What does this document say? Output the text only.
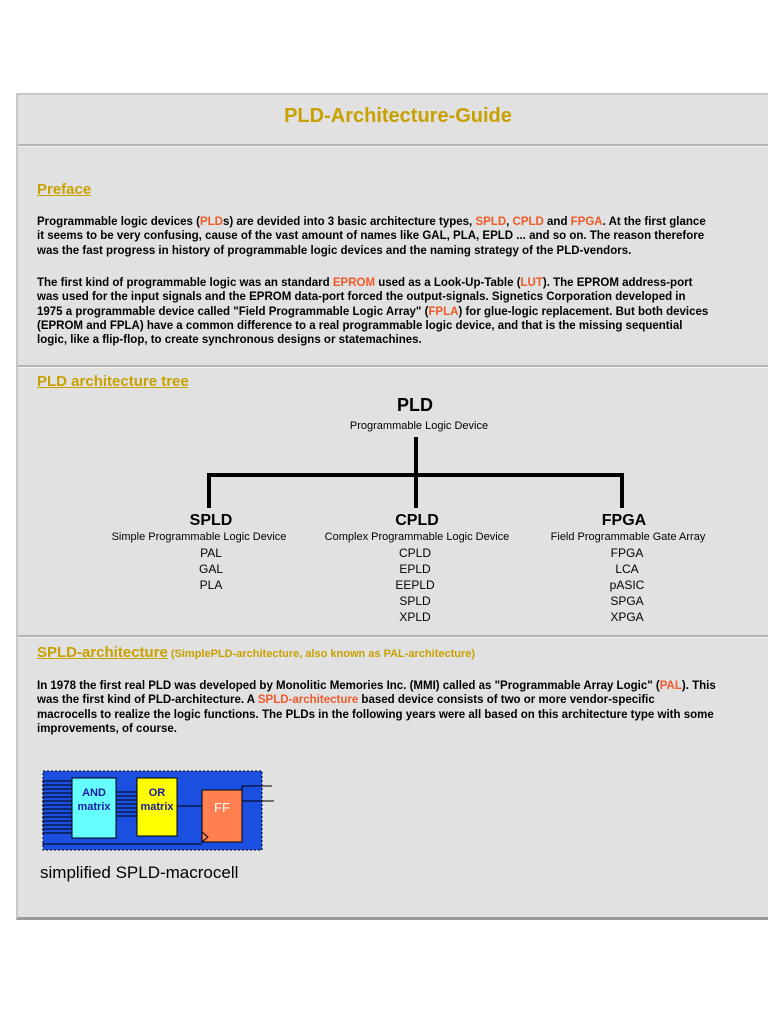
PLD-Architecture-Guide
Preface

Programmable logic devices (PLDs) are devided into 3 basic architecture types, SPLD, CPLD and FPGA. At the first glance
it seems to be very confusing, cause of the vast amount of names like GAL, PLA, EPLD ... and so on. The reason therefore
was the fast progress in history of programmable logic devices and the naming strategy of the PLD-vendors.

The first kind of programmable logic was an standard EPROM used as a Look-Up-Table (LUT). The EPROM address-port
was used for the input signals and the EPROM data-port forced the output-signals. Signetics Corporation developed in
1975 a programmable device called "Field Programmable Logic Array" (FPLA) for glue-logic replacement. But both devices
(EPROM and FPLA) have a common difference to a real programmable logic device, and that is the missing sequential
logic, like a flip-flop, to create synchronous designs or statemachines.

PLD architecture tree
PLD
Programmable Logic Device
SPLD
Simple Programmable Logic Device
PAL
GAL
PLA
CPLD
Complex Programmable Logic Device
CPLD
EPLD
EEPLD
SPLD
XPLD
FPGA
Field Programmable Gate Array
FPGA
LCA
pASIC
SPGA
XPGA
SPLD-architecture (SimplePLD-architecture, also known as PAL-architecture)

In 1978 the first real PLD was developed by Monolitic Memories Inc. (MMI) called as "Programmable Array Logic" (PAL). This
was the first kind of PLD-architecture. A SPLD-architecture based device consists of two or more vendor-specific
macrocells to realize the logic functions. The PLDs in the following years were all based on this architecture type with some
improvements, of course.

AND
matrix
OR
matrix	FF

simplified SPLD-macrocell
